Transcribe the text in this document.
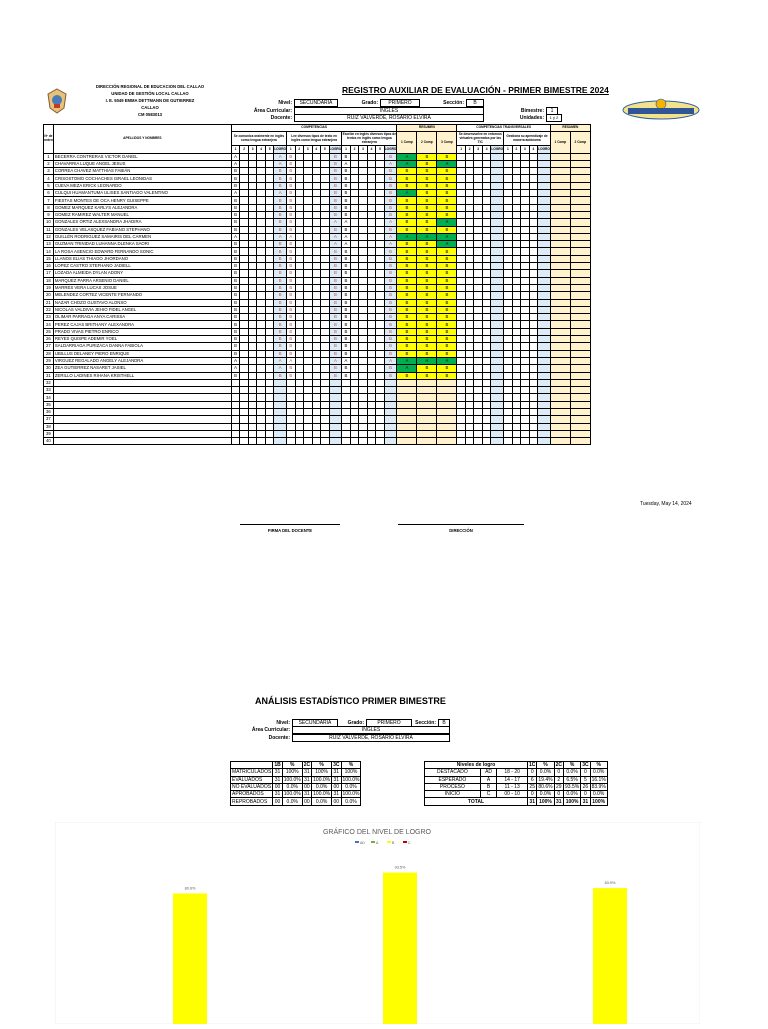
DIRECCIÓN REGIONAL DE EDUCACION DEL CALLAO
UNIDAD DE GESTIÓN LOCAL CALLAO
I. E. 5049 EMMA DETTMANN DE GUTIERREZ
CALLAO
CM 0583013
REGISTRO AUXILIAR DE EVALUACIÓN - PRIMER BIMESTRE 2024
Nivel:	SECUNDARIA	Grado:	PRIMERO	Sección:	B
Área Curricular:	INGLÉS
Docente:	RUIZ VALVERDE, ROSARIO ELVIRA
Bimestre:	1
Unidades:	1 y 2
Nº de orden	APELLIDOS Y NOMBRES	COMPETENCIAS																		RESUMEN			COMPETENCIAS TRANSVERSALES										RESUMEN	
		Se comunica oralmente en inglés como lengua extranjera						Lee diversos tipos de texto en inglés como lengua extranjera						Escribe en inglés diversos tipos de textos en inglés como lengua extranjera						1 Comp	2 Comp	3 Comp	Se desenvuelve en entornos virtuales generados por las TIC					Gestiona su aprendizaje de manera autónoma					1 Comp	2 Comp
		1	2	3	4	5	LOGRO	1	2	3	4	5	LOGRO	1	2	3	4	5	LOGRO				1	2	3	4	LOGRO	1	2	3	4	LOGRO		
1	BECERRA CONTRERAS VICTOR DANIEL	A					A	B					B	B					B	A	B	B												
2	CHAVARRIA LUQUE ANGEL JESUS	A					A	B					B	A					A	A	B	A												
3	CORREA CHAVEZ MATTHIAS FABIÁN	B					B	B					B	B					B	B	B	B												
4	CRISOSTOMO COCHACHES ISRAEL LEONIDAS	B					B	B					B	B					B	B	B	B												
5	CUEVA MEZA ERICK LEONARDO	B					B	B					B	B					B	B	B	B												
6	CULQUI HUAMANTUMA ULISES SANTIAGO VALENTINO	A					A	B					B	B					B	A	B	B												
7	FIESTAS MONTES DE OCA HENRY GUISEPPE	B					B	B					B	B					B	B	B	B												
8	GOMEZ MARQUEZ KARLYS ALEJANDRA	B					B	B					B	B					B	B	B	B												
9	GOMEZ RAMIREZ WALTER MANUEL	B					B	B					B	B					B	B	B	B												
10	GONZALES ORTIZ ALEXSANDRA JHADIRA	B					B	B					A	A					A	B	B	A												
11	GONZALES VELASQUEZ FABIANO STEPHANO	B					B	B					B	B					B	B	B	B												
12	GUILLÉN RODRIGUEZ SAMAIRIS DEL CARMEN	A					A	A					A	A					A	A	A	A												
13	GUZMAN TRINIDAD LUHANNA DLENKA SAORI	B					B	B					A	A					A	B	B	A												
14	LA ROSA ASENCIO EDWARD FERNANDO SONIC	B					B	B					B	B					B	B	B	B												
15	LLANOS ELIAS THIAGO JHORDANO	B					B	B					B	B					B	B	B	B												
16	LOPEZ CASTRO STEFHANO JADIELL	B					B	B					B	B					B	B	B	B												
17	LOZADA ALMEIDA DYLAN ADONY	B					B	B					B	B					B	B	B	B												
18	MARQUEZ PARRA ARSENIO DANIEL	B					B	B					B	B					B	B	B	B												
19	MARRES VERA LUCAS JOSUE	B					B	B					B	B					B	B	B	B												
20	MELENDEZ CORTEZ VICENTE FERNANDO	B					B	B					B	B					B	B	B	B												
21	NAZAR CHOZO GUSTAVO ALONSO	B					B	B					B	B					B	B	B	B												
22	NICOLAS VALDIVIA JEHIO FIDEL ANGEL	B					B	B					B	B					B	B	B	B												
23	OLIMAR PARRAGA ANYA CARISSA	B					B	B					B	B					B	B	B	B												
24	PEREZ CAJAS BRITHANY ALEXANDRA	B					B	B					B	B					B	B	B	B												
25	PRADO VIVAS PIETRO ENRICO	B					B	B					B	B					B	B	B	B												
26	REYES QUISPE ADEMIR YOEL	B					B	B					B	B					B	B	B	B												
27	SALDARRIAGA PURIZACA DANNA FABIOLA	B					B	B					B	B					B	B	B	B												
28	UBILLUS DELANEY PIERO ENRIQUE	B					B	B					B	B					B	B	B	B												
29	VIRGUEZ REGALADO ANGELY ALEJANDRA	A					A	A					A	A					A	A	A	A												
30	ZEA GUTIERREZ NASARET JASIEL	A					A	B					B	B					B	A	B	B												
31	ZERILLO LADINES RIHANA KRISTHELL	B					B	B					B	B					B	B	B	B												
32																																		
33																																		
34																																		
35																																		
36																																		
37																																		
38																																		
39																																		
40																																		
Tuesday, May 14, 2024
FIRMA DEL DOCENTE	DIRECCIÓN
ANÁLISIS ESTADÍSTICO PRIMER BIMESTRE
Nivel:	SECUNDARIA	Grado:	PRIMERO	Sección:	B
Área Curricular:	INGLÉS
Docente:	RUIZ VALVERDE, ROSARIO ELVIRA
	1B	%	2C	%	3C	%
MATRICULADOS	31	100%	31	100%	31	100%
EVALUADOS	31	100.0%	31	100.0%	31	100.0%
NO EVALUADOS	00	0.0%	00	0.0%	00	0.0%
APROBADOS	31	100.0%	31	100.0%	31	100.0%
REPROBADOS	00	0.0%	00	0.0%	00	0.0%
Niveles de logro			1C	%	2C	%	3C	%
DESTACADO	AD	18 - 20	0	0.0%	0	0.0%	0	0.0%
ESPERADO	A	14 - 17	6	19.4%	2	6.5%	5	16.1%
PROCESO	B	11 - 13	25	80.6%	29	93.5%	26	83.9%
INICIO	C	00 - 10	0	0.0%	0	0.0%	0	0.0%
TOTAL			31	100%	31	100%	31	100%
GRÁFICO DEL NIVEL DE LOGRO
AD	A	B	C
80.6%
93.5%
83.9%
